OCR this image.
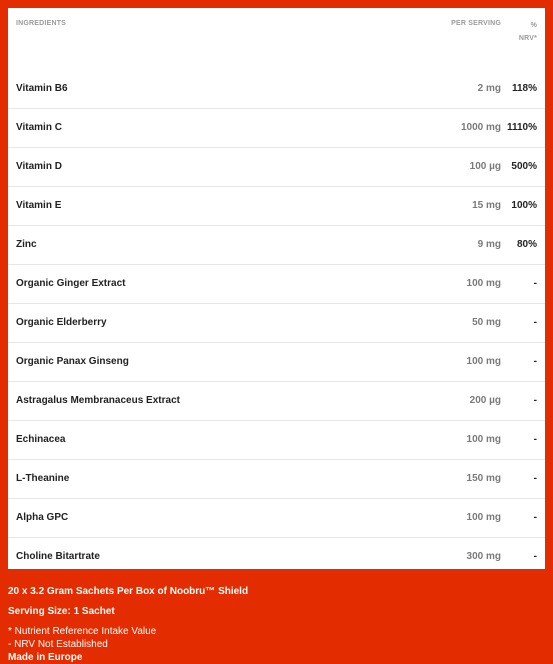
INGREDIENTS	PER SERVING	%
NRV*
Vitamin B6	2 mg 118%
Vitamin C	1000 mg 1110%
Vitamin D	100 µg 500%
Vitamin E	15 mg 100%
Zinc	9 mg 80%
Organic Ginger Extract	100 mg	-
Organic Elderberry	50 mg	-
Organic Panax Ginseng	100 mg	-
Astragalus Membranaceus Extract	200 µg	-
Echinacea	100 mg	-
L-Theanine	150 mg	-
Alpha GPC	100 mg	-
Choline Bitartrate	300 mg	-
20 x 3.2 Gram Sachets Per Box of Noobru™ Shield
Serving Size: 1 Sachet
* Nutrient Reference Intake Value
- NRV Not Established
Made in Europe
